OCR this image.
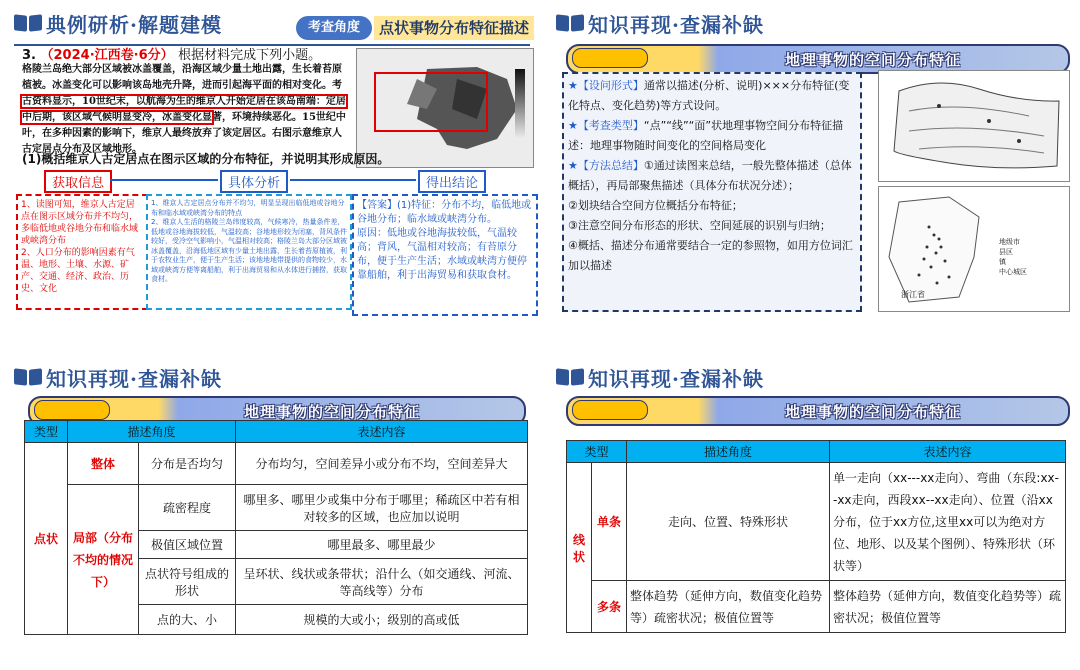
典例研析·解题建模	考查角度	点状事物分布特征描述
3. （2024·江西卷·6分） 根据材料完成下列小题。
格陵兰岛绝大部分区域被冰盖覆盖，沿海区域少量土地出露，生长着苔原植被。冰盖变化可以影响该岛地壳升降，进而引起海平面的相对变化。考古资料显示，10世纪末，以航海为生的维京人开始定居在该岛南端：定居中后期，该区域气候明显变冷，冰盖变化显著，环境持续恶化。15世纪中叶，在多种因素的影响下，维京人最终放弃了该定居区。右图示意维京人古定居点分布及区域地形。
(1)概括维京人古定居点在图示区域的分布特征，并说明其形成原因。
获取信息	具体分析	得出结论
1、读图可知，维京人古定居点在图示区域分布并不均匀，多临低地或谷地分布和临水域或峡湾分布
2、人口分布的影响因素有气温、地形、土壤、水源、矿产、交通、经济、政治、历史、文化
1、维京人古定居点分布并不均匀，明显呈现出临低地或谷地分布和临水域或峡湾分布的特点
2、维京人生活的格陵兰岛纬度较高，气候寒冷，热量条件差，低地或谷地海拔较低，气温较高；谷地地形较为闭塞，背风条件较好，受冷空气影响小，气温相对较高；格陵兰岛大部分区域被冰盖覆盖，沿海低地区域有少量土地出露，生长着苔原植被，利于农牧业生产，便于生产生活；该地地地带提供的食物较少，水域或峡湾方便等离船舶，利于出海贸易和从水体进行捕捞，获取食材。
【答案】(1)特征：分布不均，临低地或谷地分布；临水域或峡湾分布。
原因：低地或谷地海拔较低，气温较高；背风，气温相对较高；有苔原分布，便于生产生活；水域或峡湾方便停靠船舶，利于出海贸易和获取食材。
知识再现·查漏补缺
地理事物的空间分布特征
★【设问形式】通常以描述(分析、说明)×××分布特征(变化特点、变化趋势)等方式设问。
★【考查类型】“点”“线”“面”状地理事物空间分布特征描述：地理事物随时间变化的空间格局变化
★【方法总结】①通过读图来总结，一般先整体描述（总体概括），再局部聚焦描述（具体分布状况分述）；
②划块结合空间方位概括分布特征；
③注意空间分布形态的形状、空间延展的识别与归纳；
④概括、描述分布通常要结合一定的参照物，如用方位词汇加以描述
浙江省
地级市
县区
镇
中心城区
知识再现·查漏补缺
地理事物的空间分布特征
类型	描述角度		表述内容
点状	整体	分布是否均匀	分布均匀，空间差异小或分布不均，空间差异大
	局部（分布不均的情况下）	疏密程度	哪里多、哪里少或集中分布于哪里；稀疏区中若有相对较多的区域，也应加以说明
		极值区域位置	哪里最多、哪里最少
		点状符号组成的形状	呈环状、线状或条带状；沿什么（如交通线、河流、等高线等）分布
		点的大、小	规模的大或小；级别的高或低
知识再现·查漏补缺
地理事物的空间分布特征
类型		描述角度	表述内容
线状	单条	走向、位置、特殊形状	单一走向（xx---xx走向）、弯曲（东段:xx--xx走向，西段xx--xx走向）、位置（沿xx分布，位于xx方位,这里xx可以为绝对方位、地形、以及某个图例）、特殊形状（环状等）
	多条	整体趋势（延伸方向，数值变化趋势等）疏密状况；极值位置等	整体趋势（延伸方向，数值变化趋势等）疏密状况；极值位置等
